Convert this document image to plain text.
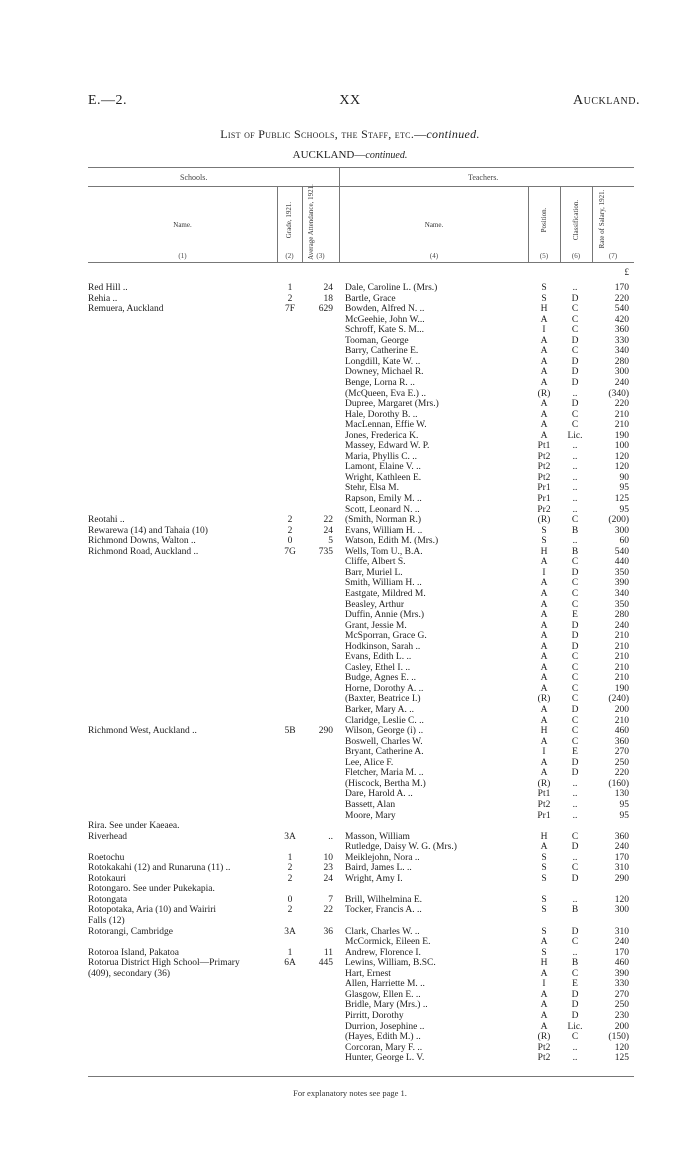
E.—2.	XX	Auckland.
List of Public Schools, the Staff, etc.—continued.
AUCKLAND—continued.
Schools.	Teachers.
Name.	Grade, 1921. Average Attendance, 1921.	Name.	Position.	Classification.	Rate of Salary, 1921.
(1)	(2)	(3)	(4)	(5)	(6)	(7)
£
Red Hill ..	1	24 Dale, Caroline L. (Mrs.)	S	..	170
Rehia ..	2	18 Bartle, Grace	S	D	220
Remuera, Auckland	7F	629 Bowden, Alfred N. ..	H	C	540
McGeehie, John W...	A	C	420
Schroff, Kate S. M...	I	C	360
Tooman, George	A	D	330
Barry, Catherine E.	A	C	340
Longdill, Kate W. ..	A	D	280
Downey, Michael R.	A	D	300
Benge, Lorna R. ..	A	D	240
(McQueen, Eva E.) ..	(R)	..	(340)
Dupree, Margaret (Mrs.)	A	D	220
Hale, Dorothy B. ..	A	C	210
MacLennan, Effie W.	A	C	210
Jones, Frederica K.	A	Lic.	190
Massey, Edward W. P.	Pt1	..	100
Maria, Phyllis C. ..	Pt2	..	120
Lamont, Elaine V. ..	Pt2	..	120
Wright, Kathleen E.	Pt2	..	90
Stehr, Elsa M.	Pr1	..	95
Rapson, Emily M. ..	Pr1	..	125
Scott, Leonard N. ..	Pr2	..	95
Reotahi ..	2	22 (Smith, Norman R.)	(R)	C	(200)
Rewarewa (14) and Tahaia (10)	2	24 Evans, William H. ..	S	B	300
Richmond Downs, Walton ..	0	5 Watson, Edith M. (Mrs.)	S	..	60
Richmond Road, Auckland ..	7G	735 Wells, Tom U., B.A.	H	B	540
Cliffe, Albert S.	A	C	440
Barr, Muriel L.	I	D	350
Smith, William H. ..	A	C	390
Eastgate, Mildred M.	A	C	340
Beasley, Arthur	A	C	350
Duffin, Annie (Mrs.)	A	E	280
Grant, Jessie M.	A	D	240
McSporran, Grace G.	A	D	210
Hodkinson, Sarah ..	A	D	210
Evans, Edith L. ..	A	C	210
Casley, Ethel I. ..	A	C	210
Budge, Agnes E. ..	A	C	210
Horne, Dorothy A. ..	A	C	190
(Baxter, Beatrice I.)	(R)	C	(240)
Barker, Mary A. ..	A	D	200
Claridge, Leslie C. ..	A	C	210
Richmond West, Auckland ..	5B	290 Wilson, George (i) ..	H	C	460
Boswell, Charles W.	A	C	360
Bryant, Catherine A.	I	E	270
Lee, Alice F.	A	D	250
Fletcher, Maria M. ..	A	D	220
(Hiscock, Bertha M.)	(R)	..	(160)
Dare, Harold A. ..	Pt1	..	130
Bassett, Alan	Pt2	..	95
Moore, Mary	Pr1	..	95
Rira. See under Kaeaea.
Riverhead	3A	.. Masson, William	H	C	360
Rutledge, Daisy W. G. (Mrs.)	A	D	240
Roetochu	1	10 Meiklejohn, Nora ..	S	..	170
Rotokakahi (12) and Runaruna (11) ..	2	23 Baird, James L. ..	S	C	310
Rotokauri	2	24 Wright, Amy I.	S	D	290
Rotongaro. See under Pukekapia.
Rotongata	0	7 Brill, Wilhelmina E.	S	..	120
Rotopotaka, Aria (10) and Wairiri	2	22 Tocker, Francis A. ..	S	B	300
Falls (12)
Rotorangi, Cambridge	3A	36 Clark, Charles W. ..	S	D	310
McCormick, Eileen E.	A	C	240
Rotoroa Island, Pakatoa	1	11 Andrew, Florence I.	S	..	170
Rotorua District High School—Primary	6A	445 Lewins, William, B.SC.	H	B	460
(409), secondary (36)	Hart, Ernest	A	C	390
Allen, Harriette M. ..	I	E	330
Glasgow, Ellen E. ..	A	D	270
Bridle, Mary (Mrs.) ..	A	D	250
Pirritt, Dorothy	A	D	230
Durrion, Josephine ..	A	Lic.	200
(Hayes, Edith M.) ..	(R)	C	(150)
Corcoran, Mary F. ..	Pt2	..	120
Hunter, George L. V.	Pt2	..	125
For explanatory notes see page 1.
